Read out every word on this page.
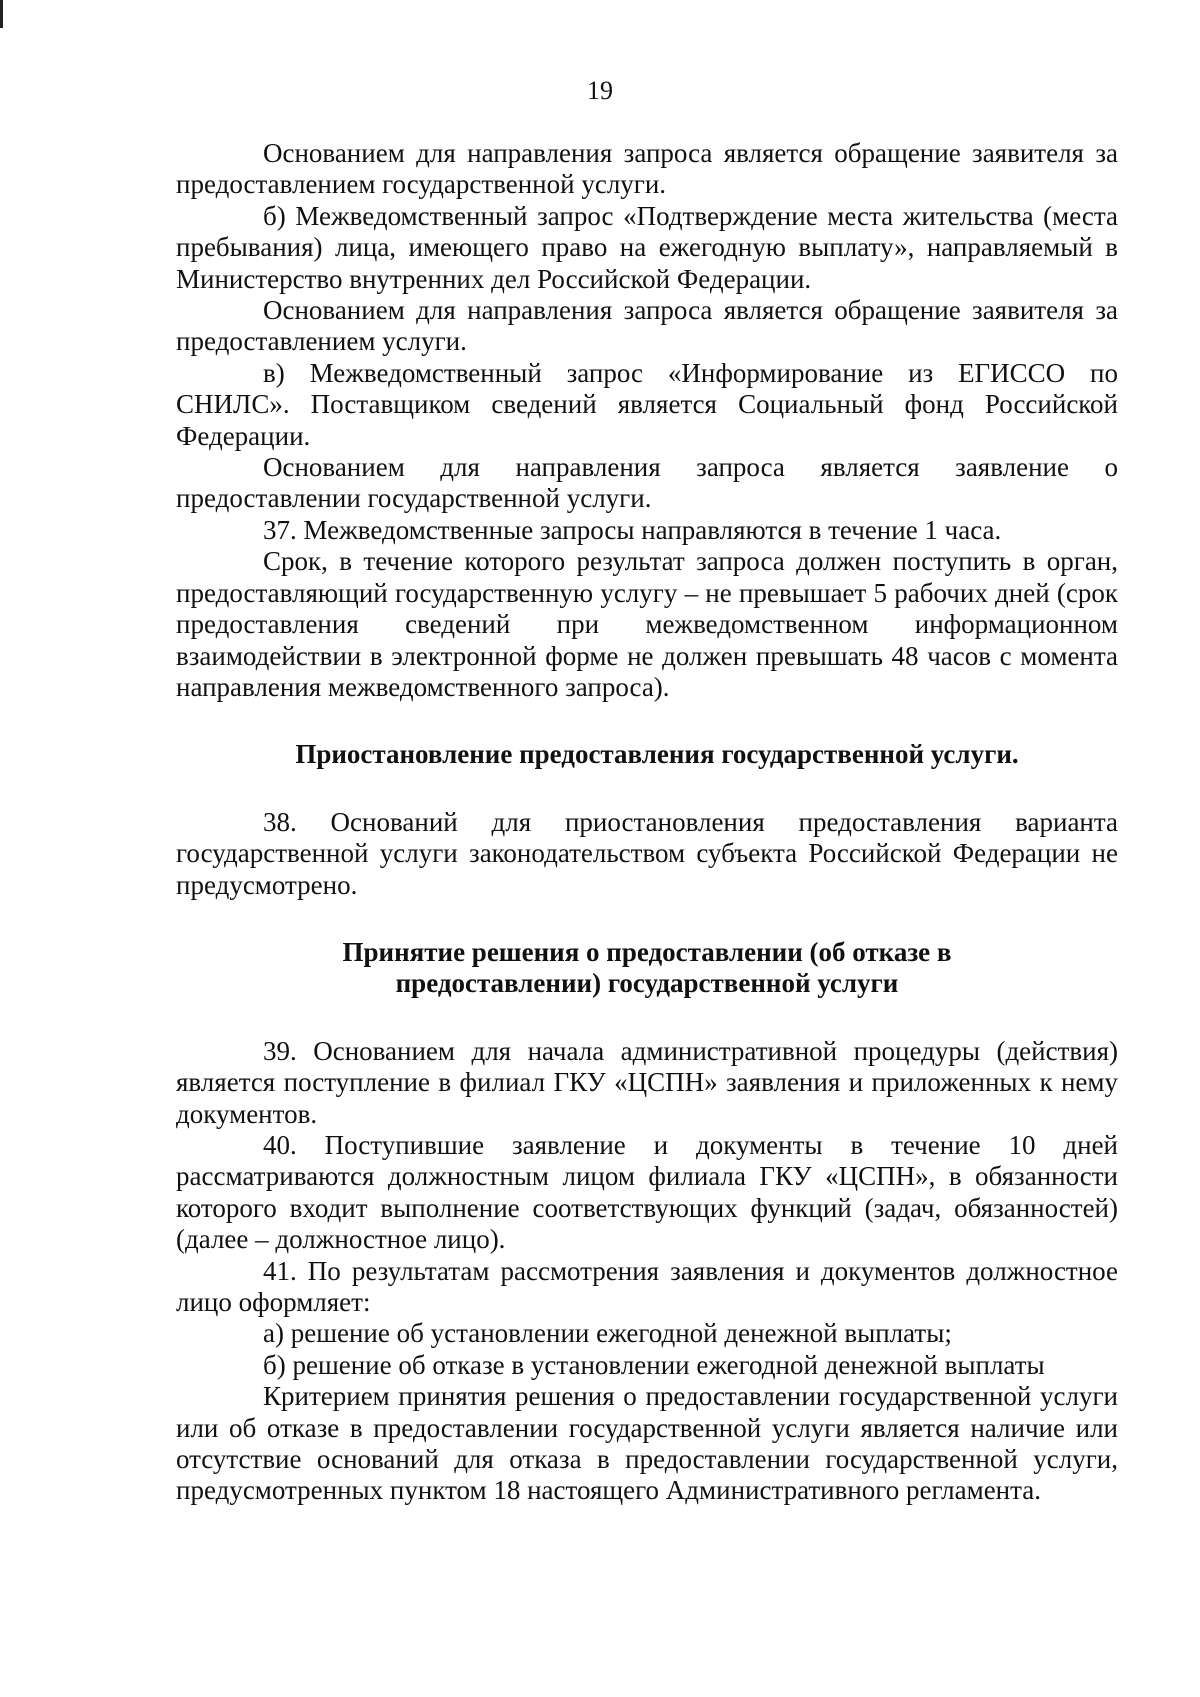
19

Основанием для направления запроса является обращение заявителя за предоставлением государственной услуги.

б) Межведомственный запрос «Подтверждение места жительства (места пребывания) лица, имеющего право на ежегодную выплату», направляемый в Министерство внутренних дел Российской Федерации.

Основанием для направления запроса является обращение заявителя за предоставлением услуги.

в) Межведомственный запрос «Информирование из ЕГИССО по СНИЛС». Поставщиком сведений является Социальный фонд Российской Федерации.

Основанием для направления запроса является заявление о предоставлении государственной услуги.

37. Межведомственные запросы направляются в течение 1 часа.

Срок, в течение которого результат запроса должен поступить в орган, предоставляющий государственную услугу – не превышает 5 рабочих дней (срок предоставления сведений при межведомственном информационном взаимодействии в электронной форме не должен превышать 48 часов с момента направления межведомственного запроса).

Приостановление предоставления государственной услуги.

38. Оснований для приостановления предоставления варианта государственной услуги законодательством субъекта Российской Федерации не предусмотрено.

Принятие решения о предоставлении (об отказе в
предоставлении) государственной услуги

39. Основанием для начала административной процедуры (действия) является поступление в филиал ГКУ «ЦСПН» заявления и приложенных к нему документов.

40. Поступившие заявление и документы в течение 10 дней рассматриваются должностным лицом филиала ГКУ «ЦСПН», в обязанности которого входит выполнение соответствующих функций (задач, обязанностей) (далее – должностное лицо).

41. По результатам рассмотрения заявления и документов должностное лицо оформляет:

а) решение об установлении ежегодной денежной выплаты;

б) решение об отказе в установлении ежегодной денежной выплаты

Критерием принятия решения о предоставлении государственной услуги или об отказе в предоставлении государственной услуги является наличие или отсутствие оснований для отказа в предоставлении государственной услуги, предусмотренных пунктом 18 настоящего Административного регламента.
